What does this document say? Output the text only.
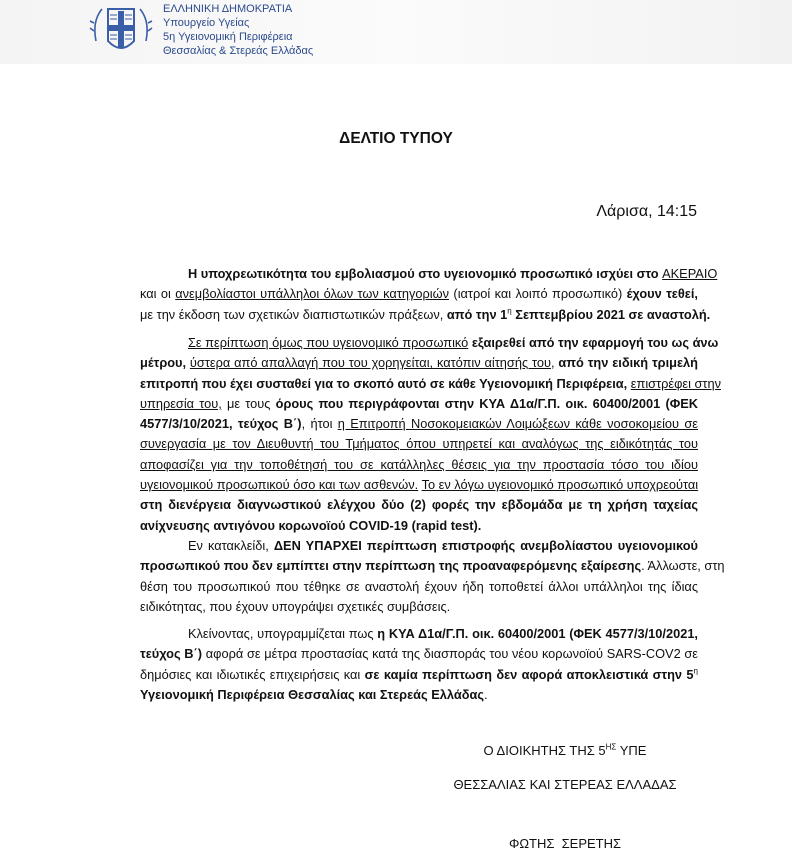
ΕΛΛΗΝΙΚΗ ΔΗΜΟΚΡΑΤΙΑ
Υπουργείο Υγείας
5η Υγειονομική Περιφέρεια
Θεσσαλίας & Στερεάς Ελλάδας
ΔΕΛΤΙΟ ΤΥΠΟΥ
Λάρισα, 14:15
Η υποχρεωτικότητα του εμβολιασμού στο υγειονομικό προσωπικό ισχύει στο ΑΚΕΡΑΙΟ
και οι ανεμβολίαστοι υπάλληλοι όλων των κατηγοριών (ιατροί και λοιπό προσωπικό) έχουν τεθεί,
με την έκδοση των σχετικών διαπιστωτικών πράξεων, από την $1^\eta$ Σεπτεμβρίου 2021 σε αναστολή.
Σε περίπτωση όμως που υγειονομικό προσωπικό εξαιρεθεί από την εφαρμογή του ως άνω
μέτρου, ύστερα από απαλλαγή που του χορηγείται, κατόπιν αίτησής του, από την ειδική τριμελή
επιτροπή που έχει συσταθεί για το σκοπό αυτό σε κάθε Υγειονομική Περιφέρεια, επιστρέφει στην
υπηρεσία του, με τους όρους που περιγράφονται στην ΚΥΑ Δ1α/Γ.Π. οικ. 60400/2001 (ΦΕΚ
4577/3/10/2021, τεύχος Β΄), ήτοι η Επιτροπή Νοσοκομειακών Λοιμώξεων κάθε νοσοκομείου σε
συνεργασία με τον Διευθυντή του Τμήματος όπου υπηρετεί και αναλόγως της ειδικότητάς του
αποφασίζει για την τοποθέτησή του σε κατάλληλες θέσεις για την προστασία τόσο του ιδίου
υγειονομικού προσωπικού όσο και των ασθενών. Το εν λόγω υγειονομικό προσωπικό υποχρεούται
στη διενέργεια διαγνωστικού ελέγχου δύο (2) φορές την εβδομάδα με τη χρήση ταχείας
ανίχνευσης αντιγόνου κορωνοϊού COVID-19 (rapid test).
Εν κατακλείδι, ΔΕΝ ΥΠΑΡΧΕΙ περίπτωση επιστροφής ανεμβολίαστου υγειονομικού
προσωπικού που δεν εμπίπτει στην περίπτωση της προαναφερόμενης εξαίρεσης. Άλλωστε, στη
θέση του προσωπικού που τέθηκε σε αναστολή έχουν ήδη τοποθετεί άλλοι υπάλληλοι της ίδιας
ειδικότητας, που έχουν υπογράψει σχετικές συμβάσεις.
Κλείνοντας, υπογραμμίζεται πως η ΚΥΑ Δ1α/Γ.Π. οικ. 60400/2001 (ΦΕΚ 4577/3/10/2021,
τεύχος Β΄) αφορά σε μέτρα προστασίας κατά της διασποράς του νέου κορωνοϊού SARS-COV2 σε
δημόσιες και ιδιωτικές επιχειρήσεις και σε καμία περίπτωση δεν αφορά αποκλειστικά στην $5^\eta$
Υγειονομική Περιφέρεια Θεσσαλίας και Στερεάς Ελλάδας.
Ο ΔΙΟΙΚΗΤΗΣ ΤΗΣ $5^{H\Sigma}$ ΥΠΕ
ΘΕΣΣΑΛΙΑΣ ΚΑΙ ΣΤΕΡΕΑΣ ΕΛΛΑΔΑΣ
ΦΩΤΗΣ  ΣΕΡΕΤΗΣ
